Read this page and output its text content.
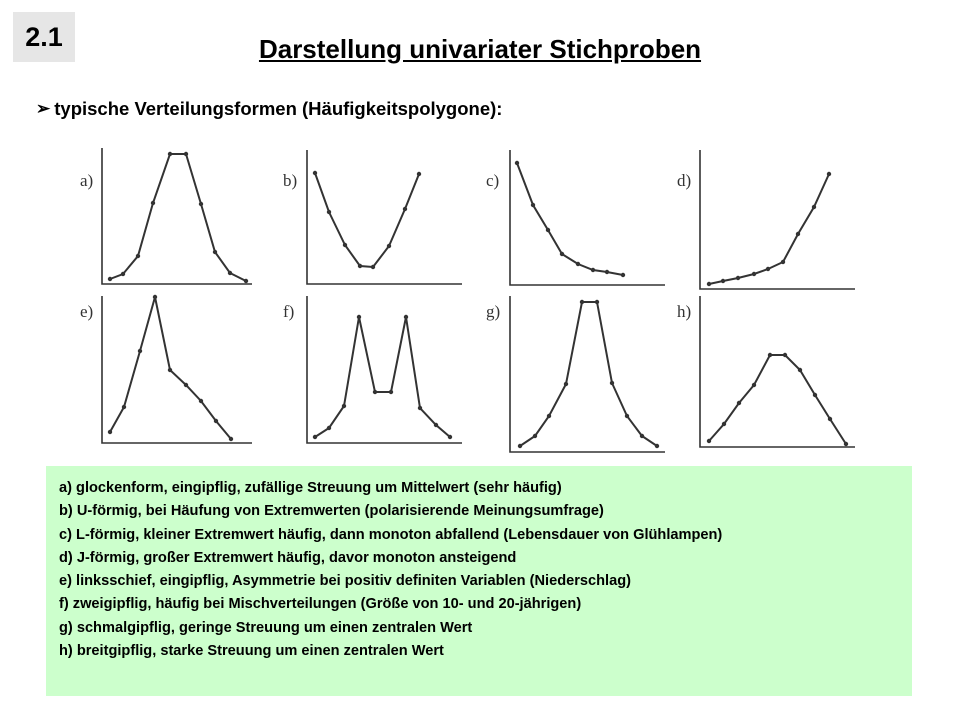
2.1	Darstellung univariater Stichproben
➢ typische Verteilungsformen (Häufigkeitspolygone):
a)	b)	c)	d)
e)	f)	g)	h)
a) glockenform, eingipflig, zufällige Streuung um Mittelwert (sehr häufig)
b) U-förmig, bei Häufung von Extremwerten (polarisierende Meinungsumfrage)
c) L-förmig, kleiner Extremwert häufig, dann monoton abfallend (Lebensdauer von Glühlampen)
d) J-förmig, großer Extremwert häufig, davor monoton ansteigend
e) linksschief, eingipflig, Asymmetrie bei positiv definiten Variablen (Niederschlag)
f) zweigipflig, häufig bei Mischverteilungen (Größe von 10- und 20-jährigen)
g) schmalgipflig, geringe Streuung um einen zentralen Wert
h) breitgipflig, starke Streuung um einen zentralen Wert
